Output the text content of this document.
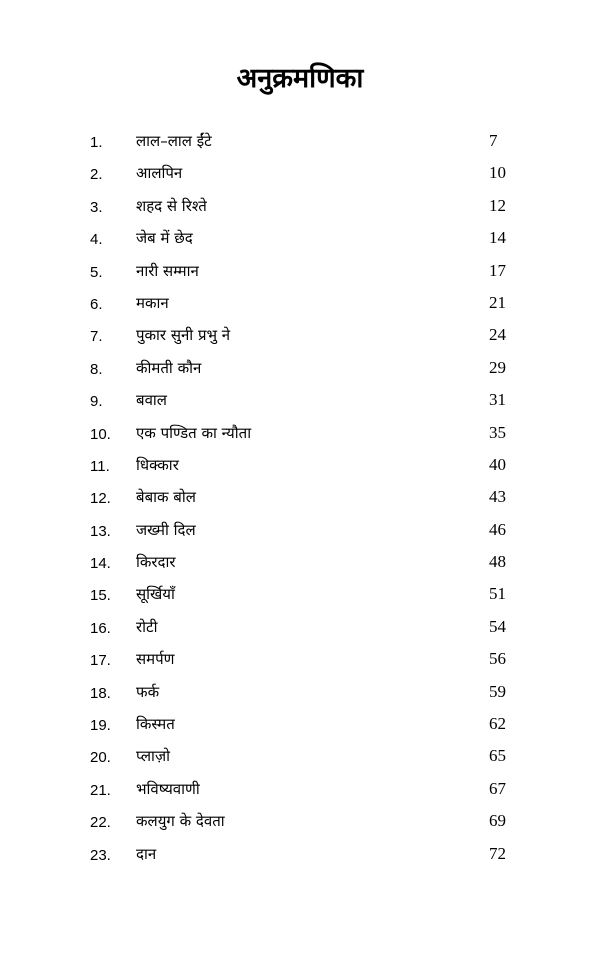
अनुक्रमणिका
1. लाल–लाल ईंटे	7
2. आलपिन	10
3. शहद से रिश्ते	12
4. जेब में छेद	14
5. नारी सम्मान	17
6. मकान	21
7. पुकार सुनी प्रभु ने	24
8. कीमती कौन	29
9. बवाल	31
10. एक पण्डित का न्यौता	35
11. धिक्कार	40
12. बेबाक बोल	43
13. जख्मी दिल	46
14. किरदार	48
15. सूर्खियाँ	51
16. रोटी	54
17. समर्पण	56
18. फर्क	59
19. किस्मत	62
20. प्लाज़ो	65
21. भविष्यवाणी	67
22. कलयुग के देवता	69
23. दान	72
